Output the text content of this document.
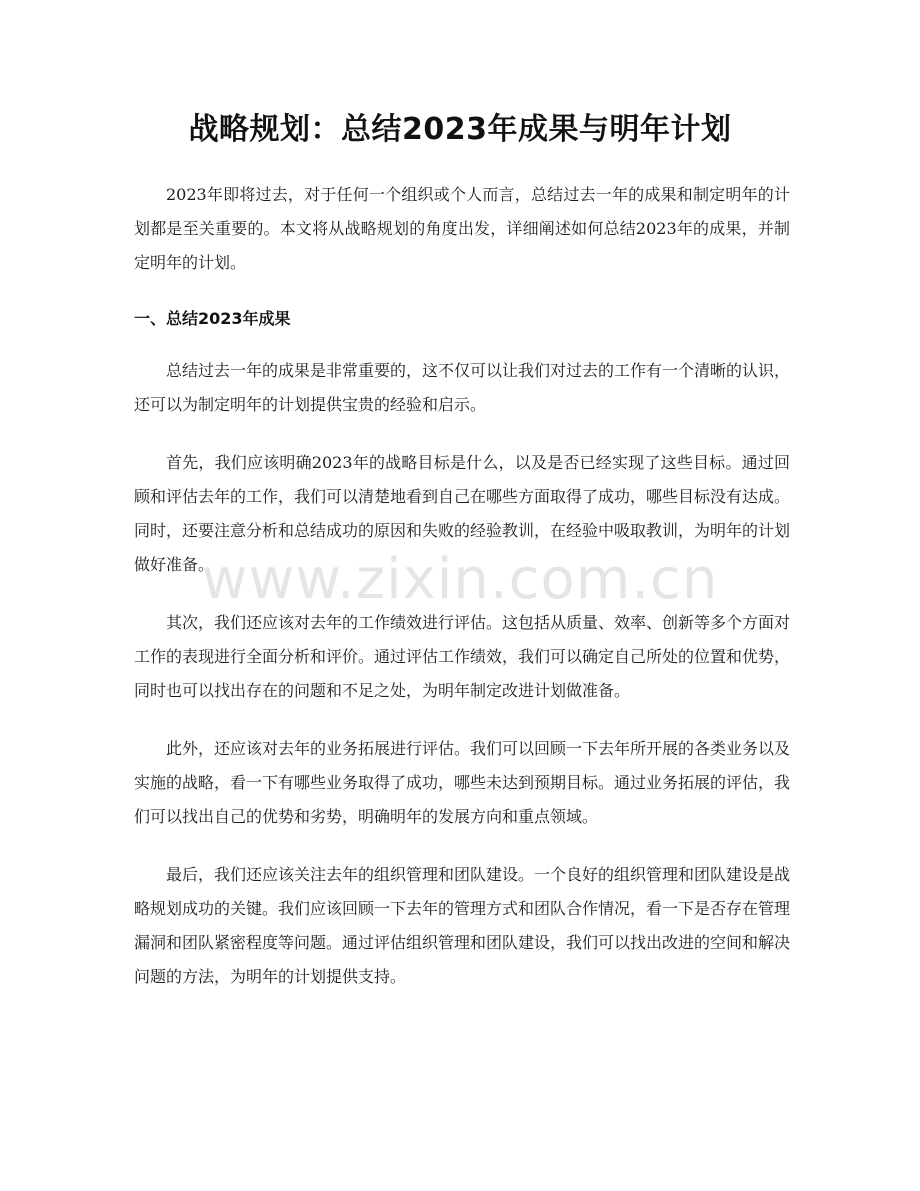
战略规划：总结2023年成果与明年计划

2023年即将过去，对于任何一个组织或个人而言，总结过去一年的成果和制定明年的计划都是至关重要的。本文将从战略规划的角度出发，详细阐述如何总结2023年的成果，并制定明年的计划。

一、总结2023年成果

总结过去一年的成果是非常重要的，这不仅可以让我们对过去的工作有一个清晰的认识，还可以为制定明年的计划提供宝贵的经验和启示。

首先，我们应该明确2023年的战略目标是什么，以及是否已经实现了这些目标。通过回顾和评估去年的工作，我们可以清楚地看到自己在哪些方面取得了成功，哪些目标没有达成。同时，还要注意分析和总结成功的原因和失败的经验教训，在经验中吸取教训，为明年的计划做好准备。

其次，我们还应该对去年的工作绩效进行评估。这包括从质量、效率、创新等多个方面对工作的表现进行全面分析和评价。通过评估工作绩效，我们可以确定自己所处的位置和优势，同时也可以找出存在的问题和不足之处，为明年制定改进计划做准备。

此外，还应该对去年的业务拓展进行评估。我们可以回顾一下去年所开展的各类业务以及实施的战略，看一下有哪些业务取得了成功，哪些未达到预期目标。通过业务拓展的评估，我们可以找出自己的优势和劣势，明确明年的发展方向和重点领域。

最后，我们还应该关注去年的组织管理和团队建设。一个良好的组织管理和团队建设是战略规划成功的关键。我们应该回顾一下去年的管理方式和团队合作情况，看一下是否存在管理漏洞和团队紧密程度等问题。通过评估组织管理和团队建设，我们可以找出改进的空间和解决问题的方法，为明年的计划提供支持。

www.zixin.com.cn
